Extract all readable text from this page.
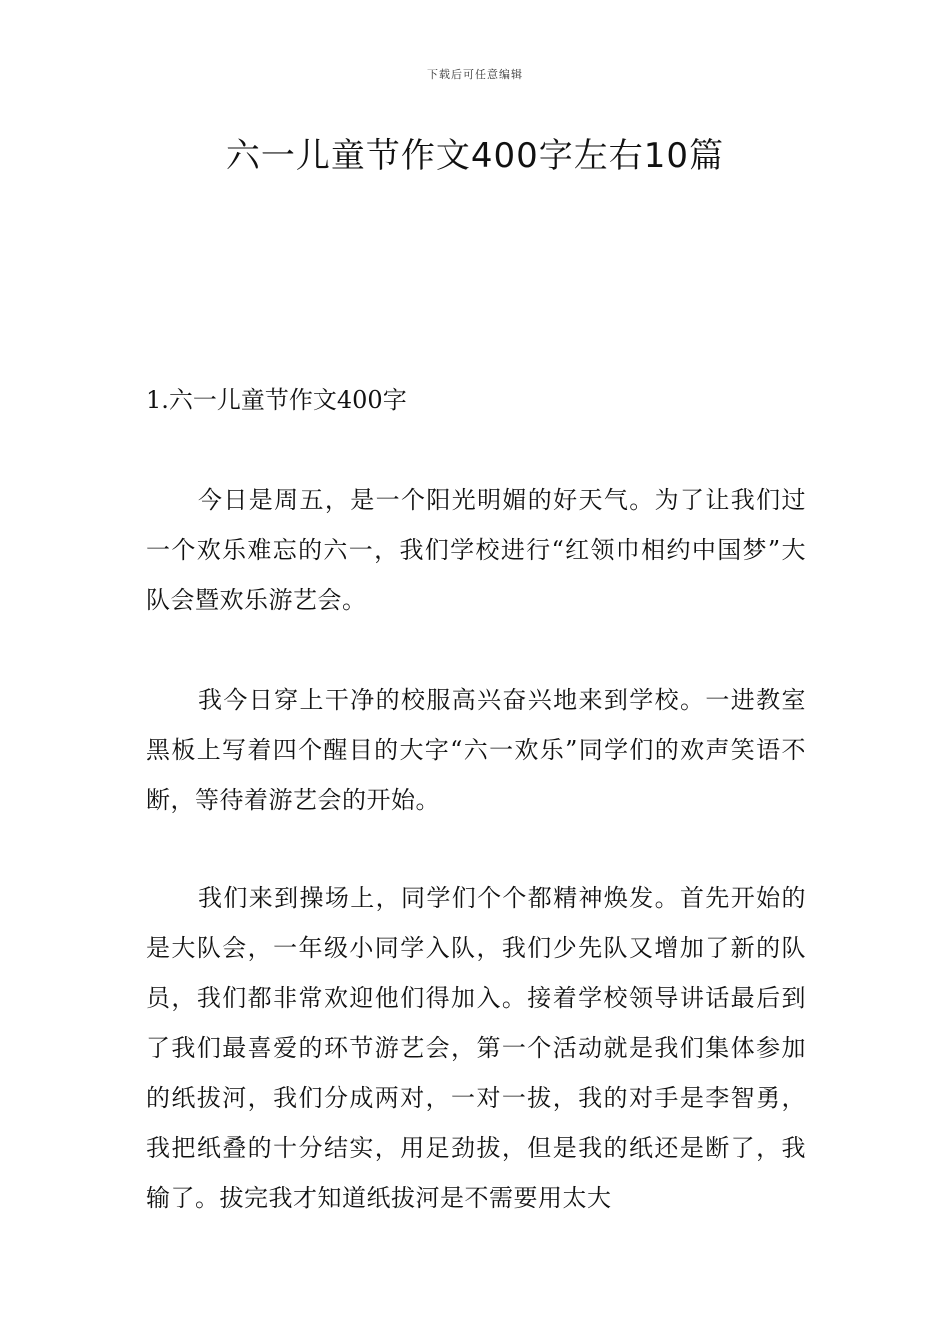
下载后可任意编辑
六一儿童节作文400字左右10篇
1.六一儿童节作文400字

今日是周五，是一个阳光明媚的好天气。为了让我们过一个欢乐难忘的六一，我们学校进行“红领巾相约中国梦”大队会暨欢乐游艺会。

我今日穿上干净的校服高兴奋兴地来到学校。一进教室黑板上写着四个醒目的大字“六一欢乐”同学们的欢声笑语不断，等待着游艺会的开始。

我们来到操场上，同学们个个都精神焕发。首先开始的是大队会，一年级小同学入队，我们少先队又增加了新的队员，我们都非常欢迎他们得加入。接着学校领导讲话最后到了我们最喜爱的环节游艺会，第一个活动就是我们集体参加的纸拔河，我们分成两对，一对一拔，我的对手是李智勇，我把纸叠的十分结实，用足劲拔，但是我的纸还是断了，我输了。拔完我才知道纸拔河是不需要用太大
